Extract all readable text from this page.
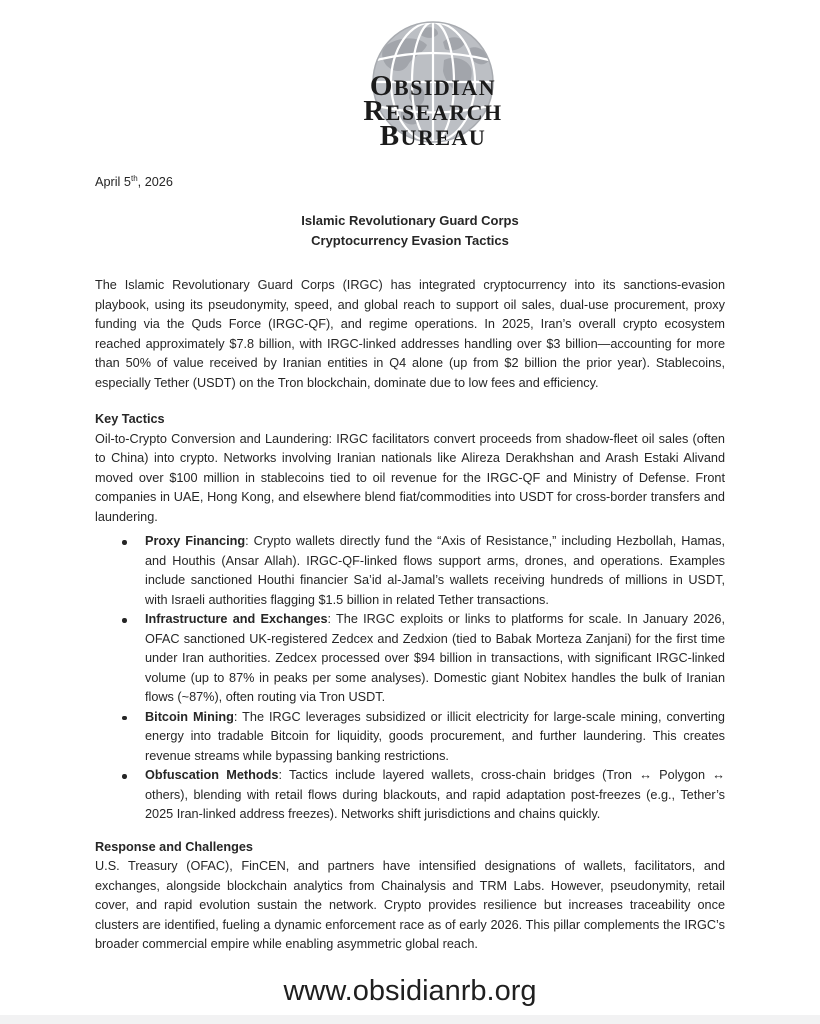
OBSIDIAN
RESEARCH
BUREAU

April 5th, 2026

Islamic Revolutionary Guard Corps
Cryptocurrency Evasion Tactics

The Islamic Revolutionary Guard Corps (IRGC) has integrated cryptocurrency into its sanctions-evasion playbook, using its pseudonymity, speed, and global reach to support oil sales, dual-use procurement, proxy funding via the Quds Force (IRGC-QF), and regime operations. In 2025, Iran’s overall crypto ecosystem reached approximately $7.8 billion, with IRGC-linked addresses handling over $3 billion—accounting for more than 50% of value received by Iranian entities in Q4 alone (up from $2 billion the prior year). Stablecoins, especially Tether (USDT) on the Tron blockchain, dominate due to low fees and efficiency.

Key Tactics

Oil-to-Crypto Conversion and Laundering: IRGC facilitators convert proceeds from shadow-fleet oil sales (often to China) into crypto. Networks involving Iranian nationals like Alireza Derakhshan and Arash Estaki Alivand moved over $100 million in stablecoins tied to oil revenue for the IRGC-QF and Ministry of Defense. Front companies in UAE, Hong Kong, and elsewhere blend fiat/commodities into USDT for cross-border transfers and laundering.

Proxy Financing: Crypto wallets directly fund the “Axis of Resistance,” including Hezbollah, Hamas, and Houthis (Ansar Allah). IRGC-QF-linked flows support arms, drones, and operations. Examples include sanctioned Houthi financier Sa’id al-Jamal’s wallets receiving hundreds of millions in USDT, with Israeli authorities flagging $1.5 billion in related Tether transactions.
Infrastructure and Exchanges: The IRGC exploits or links to platforms for scale. In January 2026, OFAC sanctioned UK-registered Zedcex and Zedxion (tied to Babak Morteza Zanjani) for the first time under Iran authorities. Zedcex processed over $94 billion in transactions, with significant IRGC-linked volume (up to 87% in peaks per some analyses). Domestic giant Nobitex handles the bulk of Iranian flows (~87%), often routing via Tron USDT.
Bitcoin Mining: The IRGC leverages subsidized or illicit electricity for large-scale mining, converting energy into tradable Bitcoin for liquidity, goods procurement, and further laundering. This creates revenue streams while bypassing banking restrictions.
Obfuscation Methods: Tactics include layered wallets, cross-chain bridges (Tron ↔ Polygon ↔ others), blending with retail flows during blackouts, and rapid adaptation post-freezes (e.g., Tether’s 2025 Iran-linked address freezes). Networks shift jurisdictions and chains quickly.
Response and Challenges

U.S. Treasury (OFAC), FinCEN, and partners have intensified designations of wallets, facilitators, and exchanges, alongside blockchain analytics from Chainalysis and TRM Labs. However, pseudonymity, retail cover, and rapid evolution sustain the network. Crypto provides resilience but increases traceability once clusters are identified, fueling a dynamic enforcement race as of early 2026. This pillar complements the IRGC’s broader commercial empire while enabling asymmetric global reach.

www.obsidianrb.org
